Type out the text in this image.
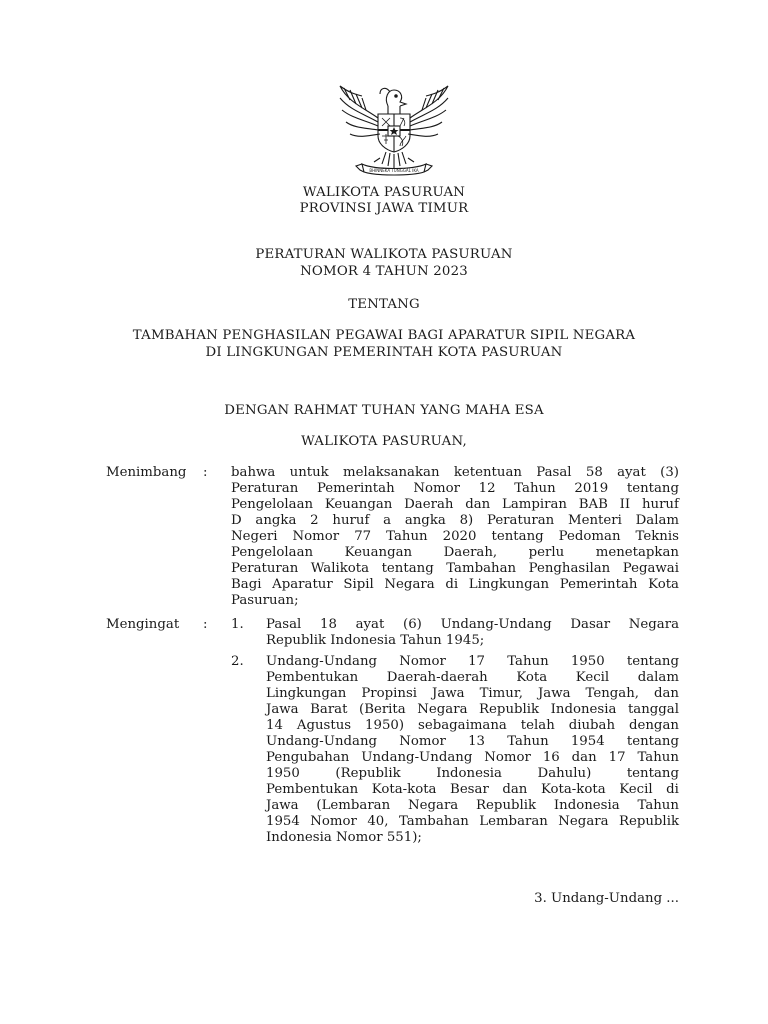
BHINNEKA TUNGGAL IKA
WALIKOTA PASURUAN
PROVINSI JAWA TIMUR
PERATURAN WALIKOTA PASURUAN
NOMOR 4 TAHUN 2023
TENTANG
TAMBAHAN PENGHASILAN PEGAWAI BAGI APARATUR SIPIL NEGARA
DI LINGKUNGAN PEMERINTAH KOTA PASURUAN
DENGAN RAHMAT TUHAN YANG MAHA ESA
WALIKOTA PASURUAN,
Menimbang : bahwa untuk melaksanakan ketentuan Pasal 58 ayat (3)
Peraturan Pemerintah Nomor 12 Tahun 2019 tentang
Pengelolaan Keuangan Daerah dan Lampiran BAB II huruf
D angka 2 huruf a angka 8) Peraturan Menteri Dalam
Negeri Nomor 77 Tahun 2020 tentang Pedoman Teknis
Pengelolaan Keuangan Daerah, perlu menetapkan
Peraturan Walikota tentang Tambahan Penghasilan Pegawai
Bagi Aparatur Sipil Negara di Lingkungan Pemerintah Kota
Pasuruan;
Mengingat : 1. Pasal 18 ayat (6) Undang-Undang Dasar Negara
Republik Indonesia Tahun 1945;
2. Undang-Undang Nomor 17 Tahun 1950 tentang
Pembentukan Daerah-daerah Kota Kecil dalam
Lingkungan Propinsi Jawa Timur, Jawa Tengah, dan
Jawa Barat (Berita Negara Republik Indonesia tanggal
14 Agustus 1950) sebagaimana telah diubah dengan
Undang-Undang Nomor 13 Tahun 1954 tentang
Pengubahan Undang-Undang Nomor 16 dan 17 Tahun
1950	(Republik	Indonesia	Dahulu)	tentang
Pembentukan Kota-kota Besar dan Kota-kota Kecil di
Jawa (Lembaran Negara Republik Indonesia Tahun
1954 Nomor 40, Tambahan Lembaran Negara Republik
Indonesia Nomor 551);
3. Undang-Undang ...
